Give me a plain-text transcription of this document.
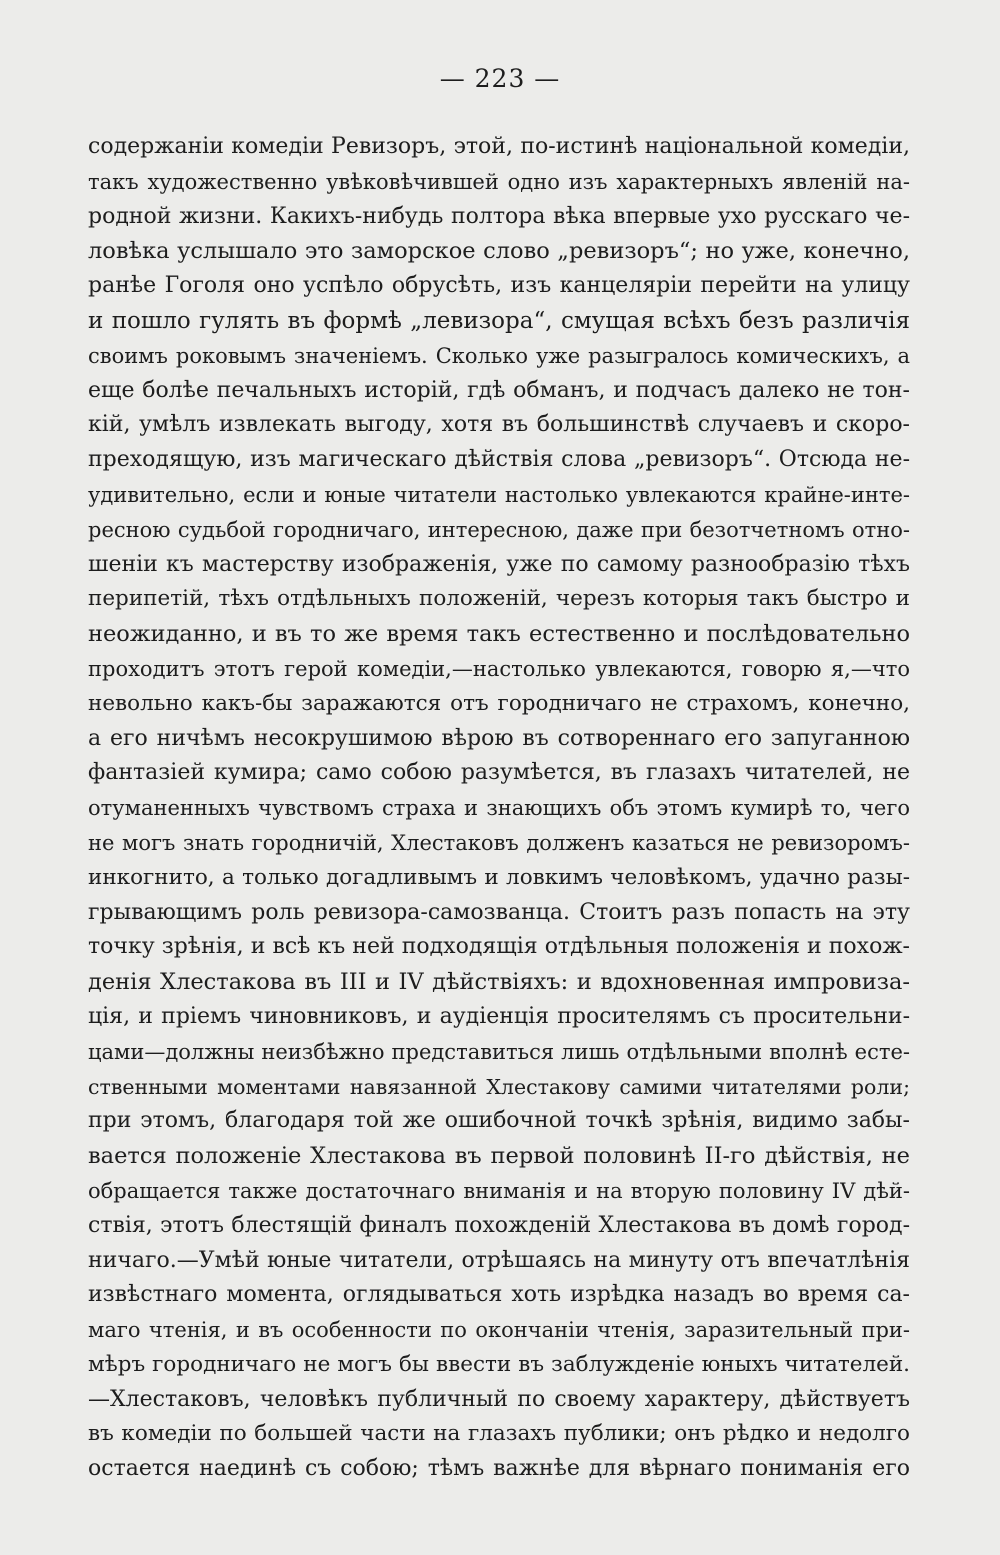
— 223 —
содержанiи комедiи Ревизоръ, этой, по-истинѣ нацiональной комедiи,
такъ художественно увѣковѣчившей одно изъ характерныхъ явленiй на-
родной жизни. Какихъ-нибудь полтора вѣка впервые ухо русскаго че-
ловѣка услышало это заморское слово „ревизоръ“; но уже, конечно,
ранѣе Гоголя оно успѣло обрусѣть, изъ канцелярiи перейти на улицу
и пошло гулять въ формѣ „левизора“, смущая всѣхъ безъ различiя
своимъ роковымъ значенiемъ. Сколько уже разыгралось комическихъ, а
еще болѣе печальныхъ исторiй, гдѣ обманъ, и подчасъ далеко не тон-
кiй, умѣлъ извлекать выгоду, хотя въ большинствѣ случаевъ и скоро-
преходящую, изъ магическаго дѣйствiя слова „ревизоръ“. Отсюда не-
удивительно, если и юные читатели настолько увлекаются крайне-инте-
ресною судьбой городничаго, интересною, даже при безотчетномъ отно-
шенiи къ мастерству изображенiя, уже по самому разнообразiю тѣхъ
перипетiй, тѣхъ отдѣльныхъ положенiй, черезъ которыя такъ быстро и
неожиданно, и въ то же время такъ естественно и послѣдовательно
проходитъ этотъ герой комедiи,—настолько увлекаются, говорю я,—что
невольно какъ-бы заражаются отъ городничаго не страхомъ, конечно,
а его ничѣмъ несокрушимою вѣрою въ сотвореннаго его запуганною
фантазiей кумира; само собою разумѣется, въ глазахъ читателей, не
отуманенныхъ чувствомъ страха и знающихъ объ этомъ кумирѣ то, чего
не могъ знать городничiй, Хлестаковъ долженъ казаться не ревизоромъ-
инкогнито, а только догадливымъ и ловкимъ человѣкомъ, удачно разы-
грывающимъ роль ревизора-самозванца. Стоитъ разъ попасть на эту
точку зрѣнiя, и всѣ къ ней подходящiя отдѣльныя положенiя и похож-
денiя Хлестакова въ III и IV дѣйствiяхъ: и вдохновенная импровиза-
цiя, и прiемъ чиновниковъ, и аудiенцiя просителямъ съ просительни-
цами—должны неизбѣжно представиться лишь отдѣльными вполнѣ есте-
ственными моментами навязанной Хлестакову самими читателями роли;
при этомъ, благодаря той же ошибочной точкѣ зрѣнiя, видимо забы-
вается положенiе Хлестакова въ первой половинѣ II-го дѣйствiя, не
обращается также достаточнаго вниманiя и на вторую половину IV дѣй-
ствiя, этотъ блестящiй финалъ похожденiй Хлестакова въ домѣ город-
ничаго.—Умѣй юные читатели, отрѣшаясь на минуту отъ впечатлѣнiя
извѣстнаго момента, оглядываться хоть изрѣдка назадъ во время са-
маго чтенiя, и въ особенности по окончанiи чтенiя, заразительный при-
мѣръ городничаго не могъ бы ввести въ заблужденiе юныхъ читателей.
—Хлестаковъ, человѣкъ публичный по своему характеру, дѣйствуетъ
въ комедiи по большей части на глазахъ публики; онъ рѣдко и недолго
остается наединѣ съ собою; тѣмъ важнѣе для вѣрнаго пониманiя его
